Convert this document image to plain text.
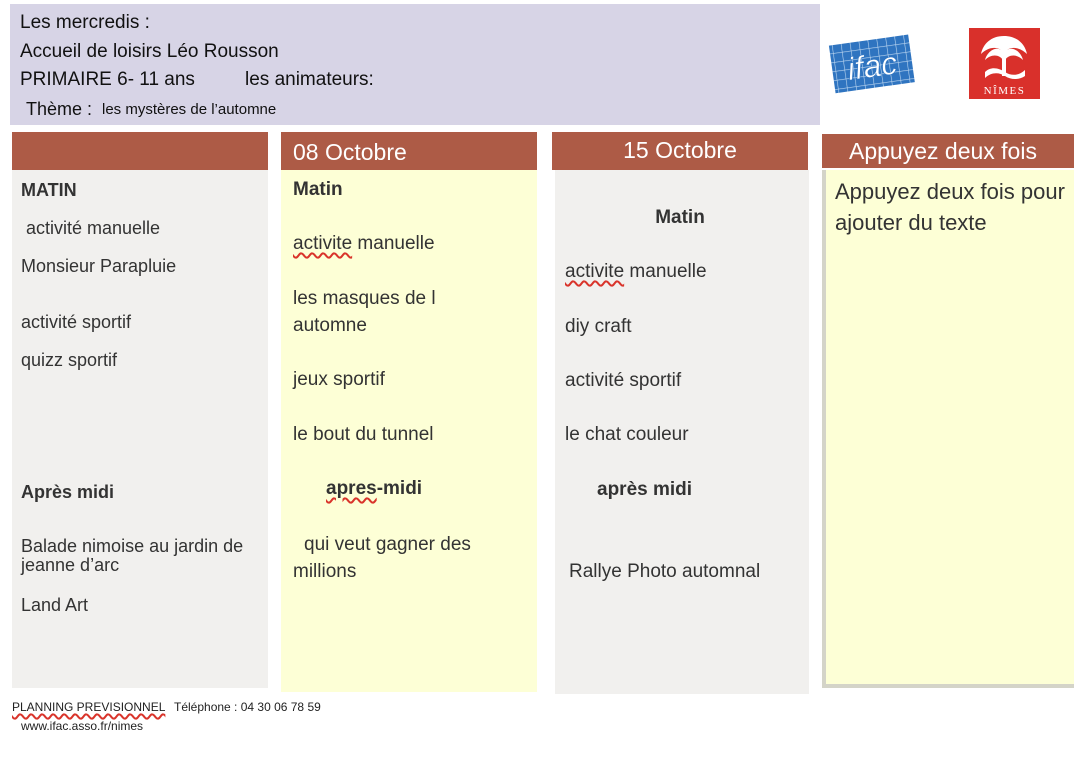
Les mercredis :
Accueil de loisirs Léo Rousson
PRIMAIRE 6- 11 ans	les animateurs:
Thème : les mystères de l’automne
ifac
NÎMES
MATIN
activité manuelle
Monsieur Parapluie
activité sportif
quizz sportif
Après midi
Balade nimoise au jardin de jeanne d’arc
Land Art
08 Octobre
Matin
activite manuelle
les masques de l automne
jeux sportif
le bout du tunnel
apres-midi
qui veut gagner des millions
15 Octobre
Matin
activite manuelle
diy craft
activité sportif
le chat couleur
après midi
Rallye Photo automnal
Appuyez deux fois
Appuyez deux fois pour ajouter du texte
PLANNING PREVISIONNEL Téléphone : 04 30 06 78 59
www.ifac.asso.fr/nimes
